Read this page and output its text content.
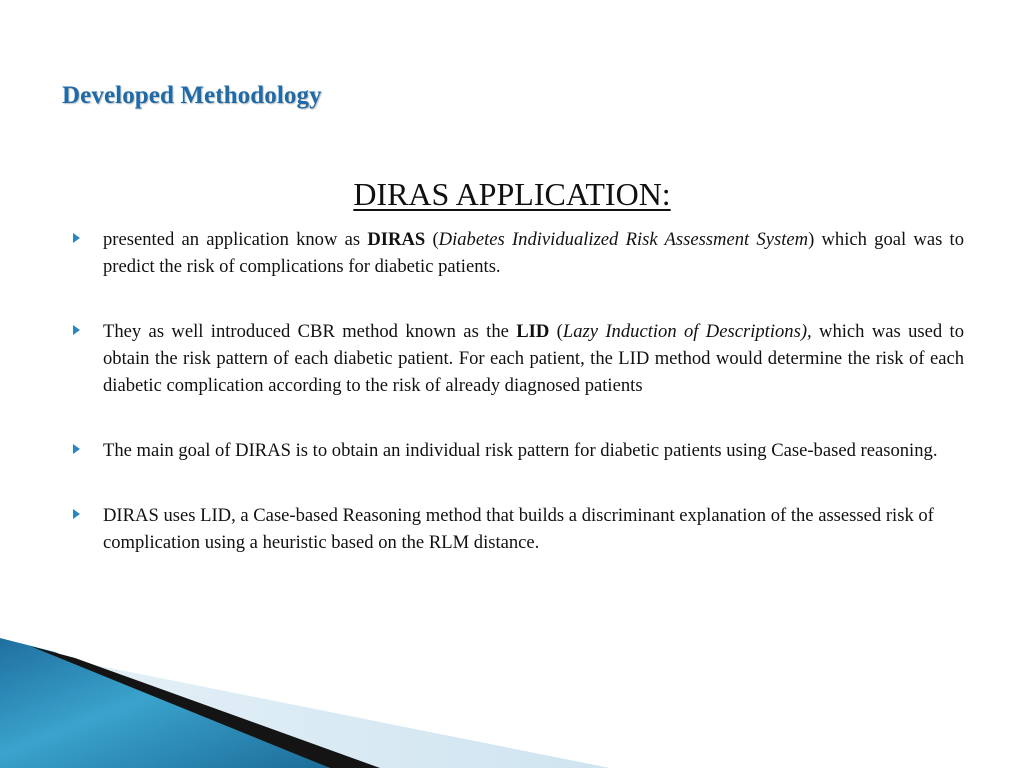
Developed Methodology
DIRAS APPLICATION:
presented an application know as DIRAS (Diabetes Individualized Risk Assessment System) which goal was to predict the risk of complications for diabetic patients.
They as well introduced CBR method known as the LID (Lazy Induction of Descriptions), which was used to obtain the risk pattern of each diabetic patient. For each patient, the LID method would determine the risk of each diabetic complication according to the risk of already diagnosed patients
The main goal of DIRAS is to obtain an individual risk pattern for diabetic patients using Case-based reasoning.
DIRAS uses LID, a Case-based Reasoning method that builds a discriminant explanation of the assessed risk of complication using a heuristic based on the RLM distance.
